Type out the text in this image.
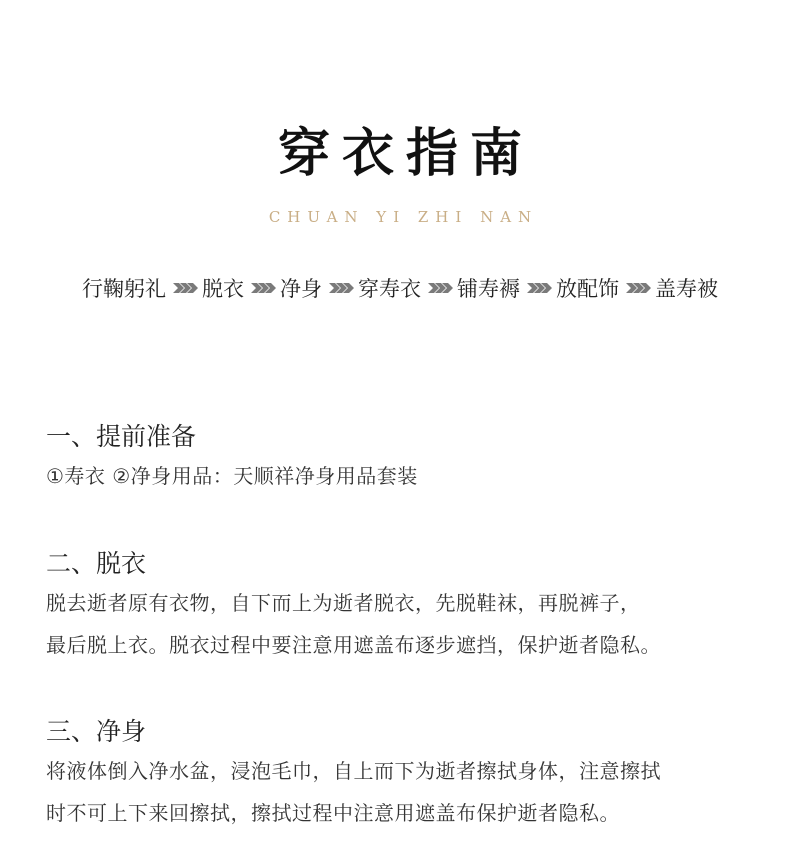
穿衣指南
CHUAN YI ZHI NAN
行鞠躬礼 脱衣 净身 穿寿衣 铺寿褥 放配饰 盖寿被
一、提前准备
①寿衣 ②净身用品：天顺祥净身用品套装
二、脱衣
脱去逝者原有衣物，自下而上为逝者脱衣，先脱鞋袜，再脱裤子，
最后脱上衣。脱衣过程中要注意用遮盖布逐步遮挡，保护逝者隐私。
三、净身
将液体倒入净水盆，浸泡毛巾，自上而下为逝者擦拭身体，注意擦拭
时不可上下来回擦拭，擦拭过程中注意用遮盖布保护逝者隐私。
